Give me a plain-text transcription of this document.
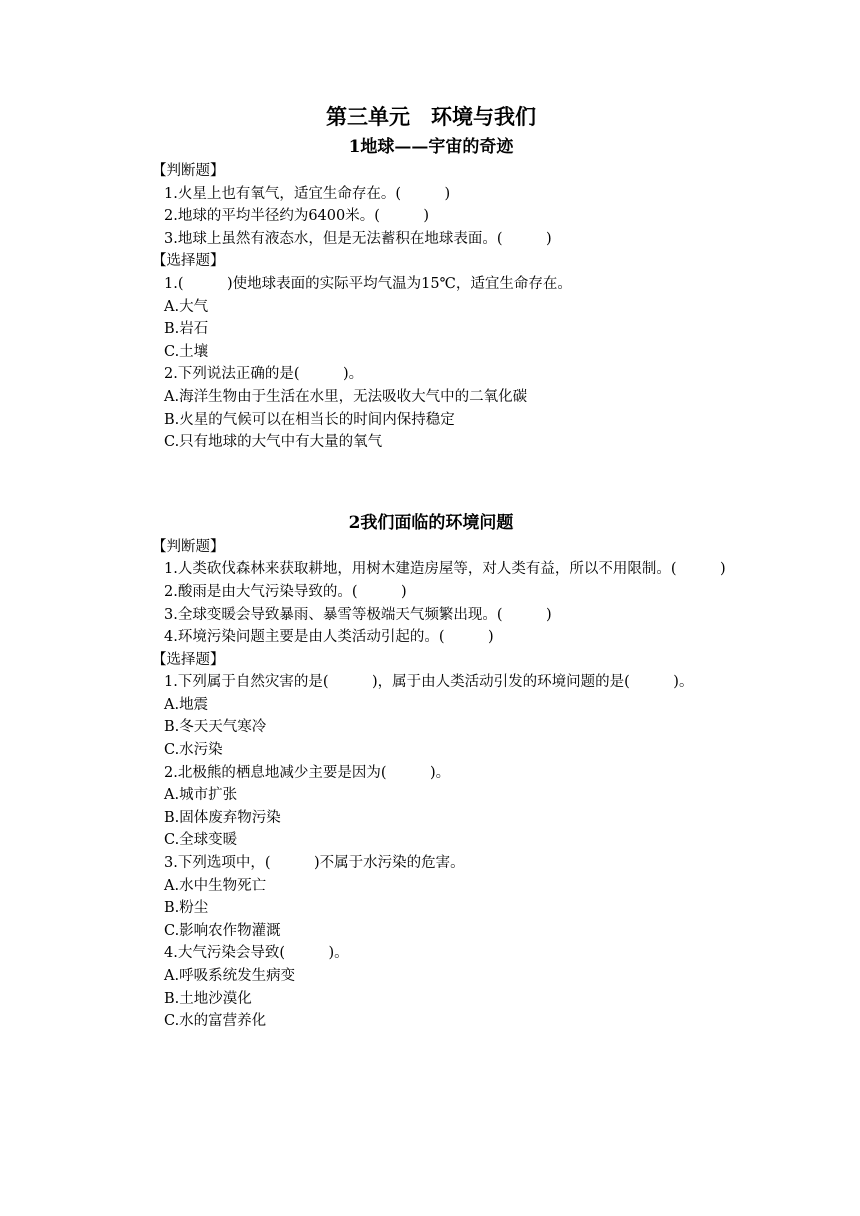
第三单元　环境与我们
1地球——宇宙的奇迹
【判断题】
1.火星上也有氧气，适宜生命存在。(　　　)
2.地球的平均半径约为6400米。(　　　)
3.地球上虽然有液态水，但是无法蓄积在地球表面。(　　　)
【选择题】
1.(　　　)使地球表面的实际平均气温为15℃，适宜生命存在。
A.大气
B.岩石
C.土壤
2.下列说法正确的是(　　　)。
A.海洋生物由于生活在水里，无法吸收大气中的二氧化碳
B.火星的气候可以在相当长的时间内保持稳定
C.只有地球的大气中有大量的氧气
2我们面临的环境问题
【判断题】
1.人类砍伐森林来获取耕地，用树木建造房屋等，对人类有益，所以不用限制。(　　　)
2.酸雨是由大气污染导致的。(　　　)
3.全球变暖会导致暴雨、暴雪等极端天气频繁出现。(　　　)
4.环境污染问题主要是由人类活动引起的。(　　　)
【选择题】
1.下列属于自然灾害的是(　　　)，属于由人类活动引发的环境问题的是(　　　)。
A.地震
B.冬天天气寒冷
C.水污染
2.北极熊的栖息地减少主要是因为(　　　)。
A.城市扩张
B.固体废弃物污染
C.全球变暖
3.下列选项中，(　　　)不属于水污染的危害。
A.水中生物死亡
B.粉尘
C.影响农作物灌溉
4.大气污染会导致(　　　)。
A.呼吸系统发生病变
B.土地沙漠化
C.水的富营养化
